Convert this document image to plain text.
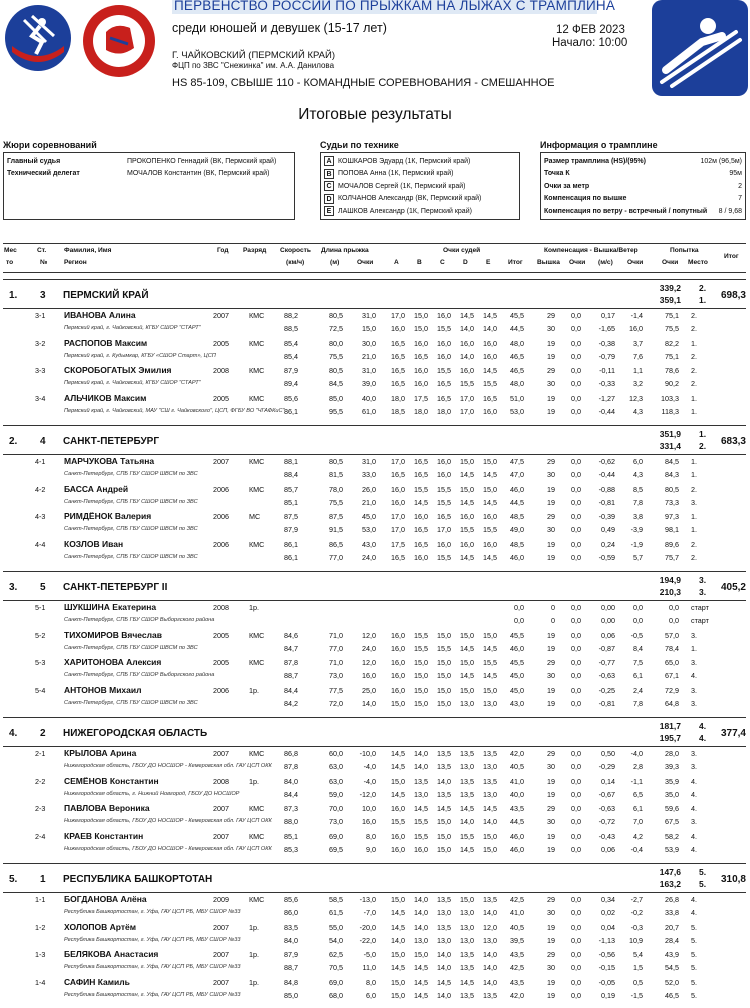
ПЕРВЕНСТВО РОССИИ ПО ПРЫЖКАМ НА ЛЫЖАХ С ТРАМПЛИНА
среди юношей и девушек (15-17 лет)	12 ФЕВ 2023
Начало: 10:00
Г. ЧАЙКОВСКИЙ (ПЕРМСКИЙ КРАЙ)
ФЦП по ЗВС "Снежинка" им. А.А. Даниловa
HS 85-109, СВЫШЕ 110 - КОМАНДНЫЕ СОРЕВНОВАНИЯ - СМЕШАННОЕ
Итоговые результаты
Жюри соревнований
Главный судья	ПРОКОПЕНКО Геннадий (ВК, Пермский край)
Технический делегат	МОЧАЛОВ Константин (ВК, Пермский край)
Судьи по технике
A КОШКАРОВ Эдуард (1К, Пермский край)
B ПОПОВА Анна (1К, Пермский край)
C МОЧАЛОВ Сергей (1К, Пермский край)
D КОЛЧАНОВ Александр (ВК, Пермский край)
E ЛАШКОВ Александр (1К, Пермский край)
Информация о трамплине
Размер трамплина (HS)/(95%)	102м (96,5м)
Точка К	95м
Очки за метр	2
Компенсация по вышке	7
Компенсация по ветру - встречный / попутный 8 / 9,68
Мес
то
Ст.
№
Фамилия, Имя
Регион
Год Разряд Скорость
(км/ч)
Длина прыжка
(м)	Очки
Очки судей
A	B	C	D	E	Итог
Компенсация - Вышка/Ветер
Вышка Очки (м/с) Очки
Попытка
Очки Место
Итог
1. 3 ПЕРМСКИЙ КРАЙ
339,2 2.
359,1 1.	698,3
3-1 ИВАНОВА Алина	2007	КМС
Пермский край, г. Чайковский, КГБУ СШОР "СТАРТ"
88,2	80,5	31,0	17,0	15,0	16,0	14,5	14,5	45,5	29	0,0	0,17	-1,4	75,1 2.
88,5	72,5	15,0	16,0	15,0	15,5	14,0	14,0	44,5	30	0,0	-1,65	16,0	75,5 2.
3-2 РАСПОПОВ Максим	2005	КМС
Пермский край, г. Кудымкар, КГБУ «СШОР Старт», ЦСП
85,4	80,0	30,0	16,5	16,0	16,0	16,0	16,0	48,0	19	0,0	-0,38	3,7	82,2 1.
85,4	75,5	21,0	16,5	16,5	16,0	14,0	16,0	46,5	19	0,0	-0,79	7,6	75,1 2.
3-3 СКОРОБОГАТЫХ Эмилия	2008	КМС
Пермский край, г. Чайковский, КГБУ СШОР "СТАРТ"
87,9	80,5	31,0	16,5	16,0	15,5	16,0	14,5	46,5	29	0,0	-0,11	1,1	78,6 2.
89,4	84,5	39,0	16,5	16,0	16,5	15,5	15,5	48,0	30	0,0	-0,33	3,2	90,2 2.
3-4 АЛЬЧИКОВ Максим	2005	КМС
Пермский край, г. Чайковский, МАУ "СШ г. Чайковского", ЦСП, ФГБУ ВО "ЧГАФКиС"
85,6	85,0	40,0	18,0	17,5	16,5	17,0	16,5	51,0	19	0,0	-1,27	12,3	103,3 1.
86,1	95,5	61,0	18,5	18,0	18,0	17,0	16,0	53,0	19	0,0	-0,44	4,3	118,3 1.
2. 4 САНКТ-ПЕТЕРБУРГ
351,9 1.
331,4 2.	683,3
4-1 МАРЧУКОВА Татьяна	2007	КМС
Санкт-Петербург, СПБ ГБУ СШОР ШВСМ по ЗВС
88,1	80,5	31,0	17,0	16,5	16,0	15,0	15,0	47,5	29	0,0	-0,62	6,0	84,5 1.
88,4	81,5	33,0	16,5	16,5	16,0	14,5	14,5	47,0	30	0,0	-0,44	4,3	84,3 1.
4-2 БАССА Андрей	2006	КМС
Санкт-Петербург, СПБ ГБУ СШОР ШВСМ по ЗВС
85,7	78,0	26,0	16,0	15,5	15,5	15,0	15,0	46,0	19	0,0	-0,88	8,5	80,5 2.
85,1	75,5	21,0	16,0	14,5	15,5	14,5	14,5	44,5	19	0,0	-0,81	7,8	73,3 3.
4-3 РИМДЁНОК Валерия	2006	МС
Санкт-Петербург, СПБ ГБУ СШОР ШВСМ по ЗВС
87,5	87,5	45,0	17,0	16,0	16,5	16,0	16,0	48,5	29	0,0	-0,39	3,8	97,3 1.
87,9	91,5	53,0	17,0	16,5	17,0	15,5	15,5	49,0	30	0,0	0,49	-3,9	98,1 1.
4-4 КОЗЛОВ Иван	2006	КМС
Санкт-Петербург, СПБ ГБУ СШОР ШВСМ по ЗВС
86,1	86,5	43,0	17,5	16,5	16,0	16,0	16,0	48,5	19	0,0	0,24	-1,9	89,6 2.
86,1	77,0	24,0	16,5	16,0	15,5	14,5	14,5	46,0	19	0,0	-0,59	5,7	75,7 2.
3. 5 САНКТ-ПЕТЕРБУРГ II
194,9 3.
210,3 3.	405,2
5-1 ШУКШИНА Екатерина	2008	1р.
Санкт-Петербург, СПБ ГБУ СШОР Выборгского района
0,0	0	0,0	0,00	0,0	0,0 старт
0,0	0	0,0	0,00	0,0	0,0 старт
5-2 ТИХОМИРОВ Вячеслав	2005	КМС
Санкт-Петербург, СПБ ГБУ СШОР ШВСМ по ЗВС
84,6	71,0	12,0	16,0	15,5	15,0	15,0	15,0	45,5	19	0,0	0,06	-0,5	57,0 3.
84,7	77,0	24,0	16,0	15,5	15,5	14,5	14,5	46,0	19	0,0	-0,87	8,4	78,4 1.
5-3 ХАРИТОНОВА Алексия	2005	КМС
Санкт-Петербург, СПБ ГБУ СШОР Выборгского района
87,8	71,0	12,0	16,0	15,0	15,0	15,0	15,5	45,5	29	0,0	-0,77	7,5	65,0 3.
88,7	73,0	16,0	16,0	15,0	15,0	14,5	14,5	45,0	30	0,0	-0,63	6,1	67,1 4.
5-4 АНТОНОВ Михаил	2006	1р.
Санкт-Петербург, СПБ ГБУ СШОР ШВСМ по ЗВС
84,4	77,5	25,0	16,0	15,0	15,0	15,0	15,0	45,0	19	0,0	-0,25	2,4	72,9 3.
84,2	72,0	14,0	15,0	15,0	15,0	13,0	13,0	43,0	19	0,0	-0,81	7,8	64,8 3.
4. 2 НИЖЕГОРОДСКАЯ ОБЛАСТЬ
181,7 4.
195,7 4.	377,4
2-1 КРЫЛОВА Арина	2007	КМС
Нижегородская область, ГБОУ ДО НОСШОР - Кемеровская обл. ГАУ ЦСП ОКК
86,8	60,0	-10,0	14,5	14,0	13,5	13,5	13,5	42,0	29	0,0	0,50	-4,0	28,0 3.
87,8	63,0	-4,0	14,5	14,0	13,5	13,0	13,0	40,5	30	0,0	-0,29	2,8	39,3 3.
2-2 СЕМЁНОВ Константин	2008	1р.
Нижегородская область, г. Нижний Новгород, ГБОУ ДО НОСШОР
84,0	63,0	-4,0	15,0	13,5	14,0	13,5	13,5	41,0	19	0,0	0,14	-1,1	35,9 4.
84,4	59,0	-12,0	14,5	13,0	13,5	13,5	13,0	40,0	19	0,0	-0,67	6,5	35,0 4.
2-3 ПАВЛОВА Вероника	2007	КМС
Нижегородская область, ГБОУ ДО НОСШОР - Кемеровская обл. ГАУ ЦСП ОКК
87,3	70,0	10,0	16,0	14,5	14,5	14,5	14,5	43,5	29	0,0	-0,63	6,1	59,6 4.
88,0	73,0	16,0	15,5	15,5	15,0	14,0	14,0	44,5	30	0,0	-0,72	7,0	67,5 3.
2-4 КРАЕВ Константин	2007	КМС
Нижегородская область, ГБОУ ДО НОСШОР - Кемеровская обл. ГАУ ЦСП ОКК
85,1	69,0	8,0	16,0	15,5	15,0	15,5	15,0	46,0	19	0,0	-0,43	4,2	58,2 4.
85,3	69,5	9,0	16,0	16,0	15,0	14,5	15,0	46,0	19	0,0	0,06	-0,4	53,9 4.
5. 1 РЕСПУБЛИКА БАШКОРТОТАН
147,6 5.
163,2 5.	310,8
1-1 БОГДАНОВА Алёна	2009	КМС
Республика Башкортостан, г. Уфа, ГАУ ЦСП РБ, МБУ СШОР №33
85,6	58,5	-13,0	15,0	14,0	13,5	15,0	13,5	42,5	29	0,0	0,34	-2,7	26,8 4.
86,0	61,5	-7,0	14,5	14,0	13,0	13,0	14,0	41,0	30	0,0	0,02	-0,2	33,8 4.
1-2 ХОЛОПОВ Артём	2007	1р.
Республика Башкортостан, г. Уфа, ГАУ ЦСП РБ, МБУ СШОР №33
83,5	55,0	-20,0	14,5	14,0	13,5	13,0	12,0	40,5	19	0,0	0,04	-0,3	20,7 5.
84,0	54,0	-22,0	14,0	13,0	13,0	13,0	13,0	39,5	19	0,0	-1,13	10,9	28,4 5.
1-3 БЕЛЯКОВА Анастасия	2007	1р.
Республика Башкортостан, г. Уфа, ГАУ ЦСП РБ, МБУ СШОР №33
87,9	62,5	-5,0	15,0	15,0	14,0	13,5	14,0	43,5	29	0,0	-0,56	5,4	43,9 5.
88,7	70,5	11,0	14,5	14,5	14,0	13,5	14,0	42,5	30	0,0	-0,15	1,5	54,5 5.
1-4 САФИН Камиль	2007	1р.
Республика Башкортостан, г. Уфа, ГАУ ЦСП РБ, МБУ СШОР №33
84,8	69,0	8,0	15,0	14,5	14,5	14,5	14,0	43,5	19	0,0	-0,05	0,5	52,0 5.
85,0	68,0	6,0	15,0	14,5	14,0	13,5	13,5	42,0	19	0,0	0,19	-1,5	46,5 5.
